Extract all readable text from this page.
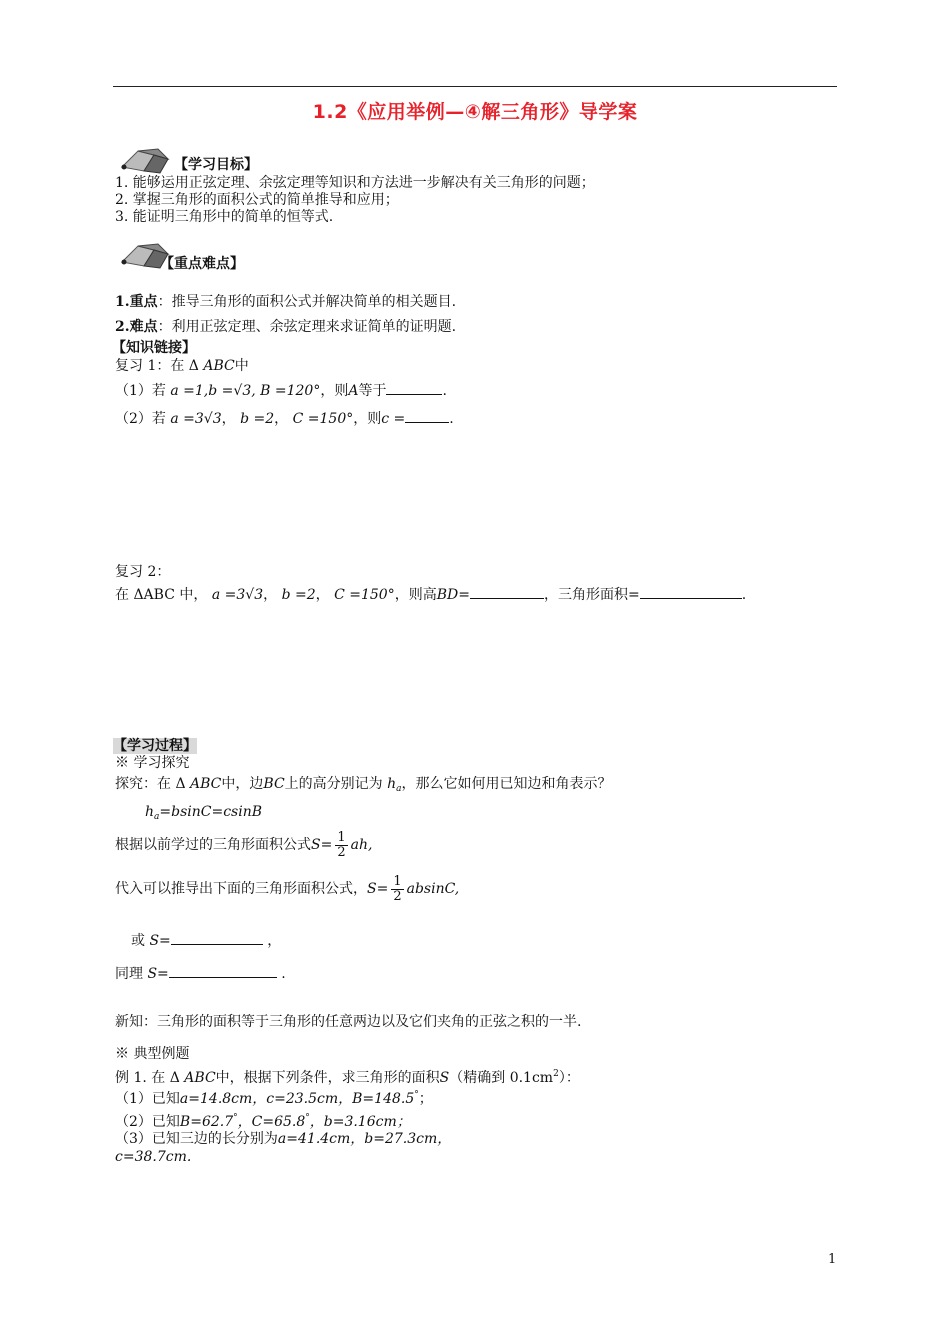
1.2《应用举例—④解三角形》导学案
【学习目标】
1. 能够运用正弦定理、余弦定理等知识和方法进一步解决有关三角形的问题；
2. 掌握三角形的面积公式的简单推导和应用；
3. 能证明三角形中的简单的恒等式.
【重点难点】
1.重点：推导三角形的面积公式并解决简单的相关题目.
2.难点：利用正弦定理、余弦定理来求证简单的证明题.
【知识链接】
复习 1：在 Δ ABC中
（1）若 a =1,b =√3, B =120°，则A等于	.
（2）若 a =3√3， b =2， C =150°，则c =	.
复习 2：
在 ΔABC 中， a =3√3， b =2， C =150°，则高BD=	，三角形面积=	.
【学习过程】
※ 学习探究
探究：在 Δ ABC中，边BC上的高分别记为 $h_a$，那么它如何用已知边和角表示？
$h_a=bsinC=csinB$
根据以前学过的三角形面积公式$S= \frac{1}{2}$ ah,
代入可以推导出下面的三角形面积公式，$S= \frac{1}{2} absinC$,
或 S=	，
同理 S=	.
新知：三角形的面积等于三角形的任意两边以及它们夹角的正弦之积的一半.
※ 典型例题
例 1. 在 Δ ABC中，根据下列条件，求三角形的面积S（精确到 $0.1cm^2$）：
（1）已知a=14.8cm，c=23.5cm，B=148.5°；
（2）已知B=62.7°，C=65.8°，b=3.16cm；
（3）已知三边的长分别为a=41.4cm，b=27.3cm，
c=38.7cm.
1
